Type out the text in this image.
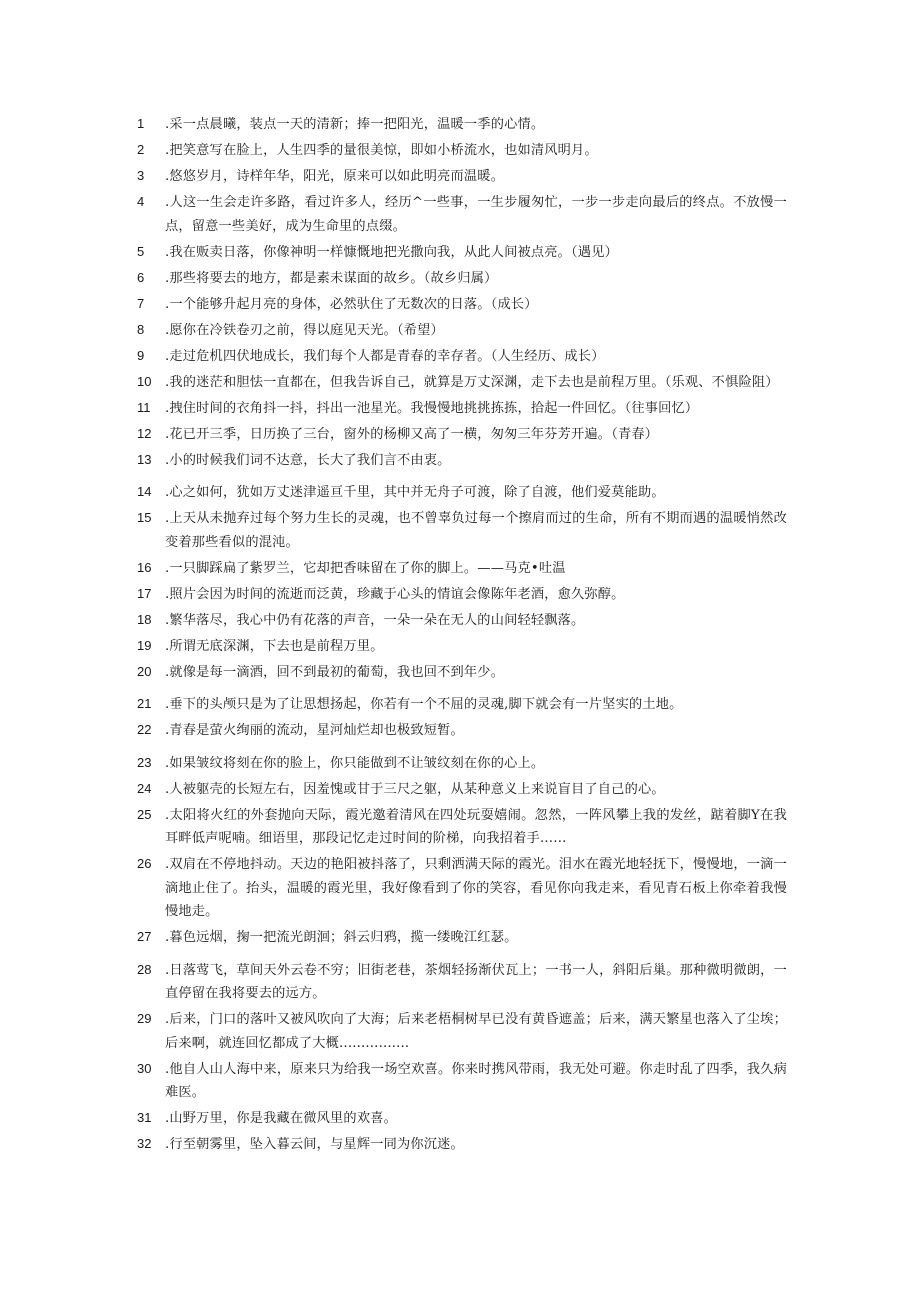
1	.采一点晨曦，装点一天的清新；捧一把阳光，温暖一季的心情。
2	.把笑意写在脸上，人生四季的量很美惊，即如小桥流水，也如清风明月。
3	.悠悠岁月，诗样年华，阳光，原来可以如此明亮而温暖。
4	.人这一生会走许多路，看过许多人，经历^一些事，一生步履匆忙，一步一步走向最后的终点。不放慢一点，留意一些美好，成为生命里的点缀。
5	.我在贩卖日落，你像神明一样慷慨地把光撒向我，从此人间被点亮。（遇见）
6	.那些将要去的地方，都是素未谋面的故乡。（故乡归属）
7	.一个能够升起月亮的身体，必然驮住了无数次的日落。（成长）
8	.愿你在冷铁卷刃之前，得以庭见天光。（希望）
9	.走过危机四伏地成长，我们每个人都是青春的幸存者。（人生经历、成长）
10	.我的迷茫和胆怯一直都在，但我告诉自己，就算是万丈深渊，走下去也是前程万里。（乐观、不惧险阻）
11	.拽住时间的衣角抖一抖，抖出一池星光。我慢慢地挑挑拣拣，拾起一件回忆。（往事回忆）
12	.花已开三季，日历换了三台，窗外的杨柳又高了一横，匆匆三年芬芳开遍。（青春）
13	.小的时候我们词不达意，长大了我们言不由衷。
14	.心之如何，犹如万丈迷津遥亘千里，其中并无舟子可渡，除了自渡，他们爱莫能助。
15	.上天从未抛弃过每个努力生长的灵魂，也不曾辜负过每一个擦肩而过的生命，所有不期而遇的温暖悄然改变着那些看似的混沌。
16	.一只脚踩扁了紫罗兰，它却把香味留在了你的脚上。——马克•吐温
17	.照片会因为时间的流逝而泛黄，珍藏于心头的情谊会像陈年老酒，愈久弥醇。
18	.繁华落尽，我心中仍有花落的声音，一朵一朵在无人的山间轻轻飘落。
19	.所谓无底深渊，下去也是前程万里。
20	.就像是每一滴酒，回不到最初的葡萄，我也回不到年少。
21	.垂下的头颅只是为了让思想扬起，你若有一个不屈的灵魂,脚下就会有一片坚实的土地。
22	.青春是萤火绚丽的流动，星河灿烂却也极致短暂。
23	.如果皱纹将刻在你的脸上，你只能做到不让皱纹刻在你的心上。
24	.人被躯壳的长短左右，因羞愧或甘于三尺之躯，从某种意义上来说盲目了自己的心。
25	.太阳将火红的外套抛向天际，霞光邀着清风在四处玩耍嬉闹。忽然，一阵风攀上我的发丝，踮着脚Y在我耳畔低声呢喃。细语里，那段记忆走过时间的阶梯，向我招着手……
26	.双肩在不停地抖动。天边的艳阳被抖落了，只剩洒满天际的霞光。泪水在霞光地轻抚下，慢慢地，一滴一滴地止住了。抬头，温暖的霞光里，我好像看到了你的笑容，看见你向我走来，看见青石板上你牵着我慢慢地走。
27	.暮色远烟，掬一把流光朗洄；斜云归鸦，揽一缕晚江红瑟。
28	.日落莺飞，草间天外云卷不穷；旧街老巷，茶烟轻扬渐伏瓦上；一书一人，斜阳后巢。那种微明微朗，一直停留在我将要去的远方。
29	.后来，门口的落叶又被风吹向了大海；后来老梧桐树早已没有黄昏遮盖；后来，满天繁星也落入了尘埃；后来啊，就连回忆都成了大概................
30	.他自人山人海中来，原来只为给我一场空欢喜。你来时携风带雨，我无处可避。你走时乱了四季，我久病难医。
31	.山野万里，你是我藏在微风里的欢喜。
32	.行至朝雾里，坠入暮云间，与星辉一同为你沉迷。
